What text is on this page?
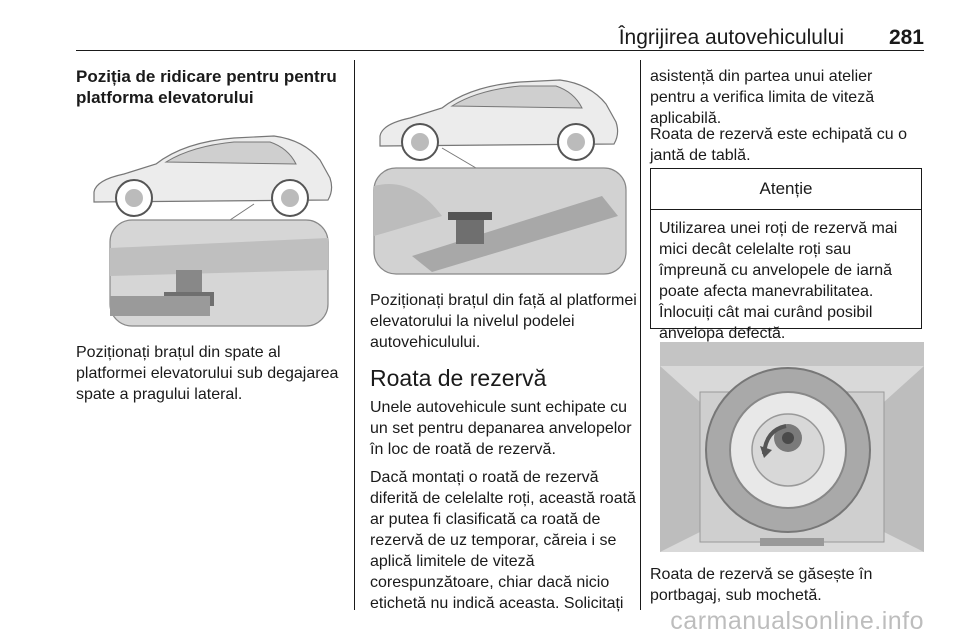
Îngrijirea autovehiculului 281
Poziția de ridicare pentru pentru
platforma elevatorului
Poziționați brațul din spate al
platformei elevatorului sub degajarea
spate a pragului lateral.
Poziționați brațul din față al platformei
elevatorului la nivelul podelei
autovehiculului.
Roata de rezervă
Unele autovehicule sunt echipate cu
un set pentru depanarea anvelopelor
în loc de roată de rezervă.
Dacă montați o roată de rezervă
diferită de celelalte roți, această roată
ar putea fi clasificată ca roată de
rezervă de uz temporar, căreia i se
aplică limitele de viteză
corespunzătoare, chiar dacă nicio
etichetă nu indică aceasta. Solicitați
asistență din partea unui atelier
pentru a verifica limita de viteză
aplicabilă.
Roata de rezervă este echipată cu o
jantă de tablă.
Atenție
Utilizarea unei roți de rezervă mai
mici decât celelalte roți sau
împreună cu anvelopele de iarnă
poate afecta manevrabilitatea.
Înlocuiți cât mai curând posibil
anvelopa defectă.
Roata de rezervă se găsește în
portbagaj, sub mochetă.
carmanualsonline.info
